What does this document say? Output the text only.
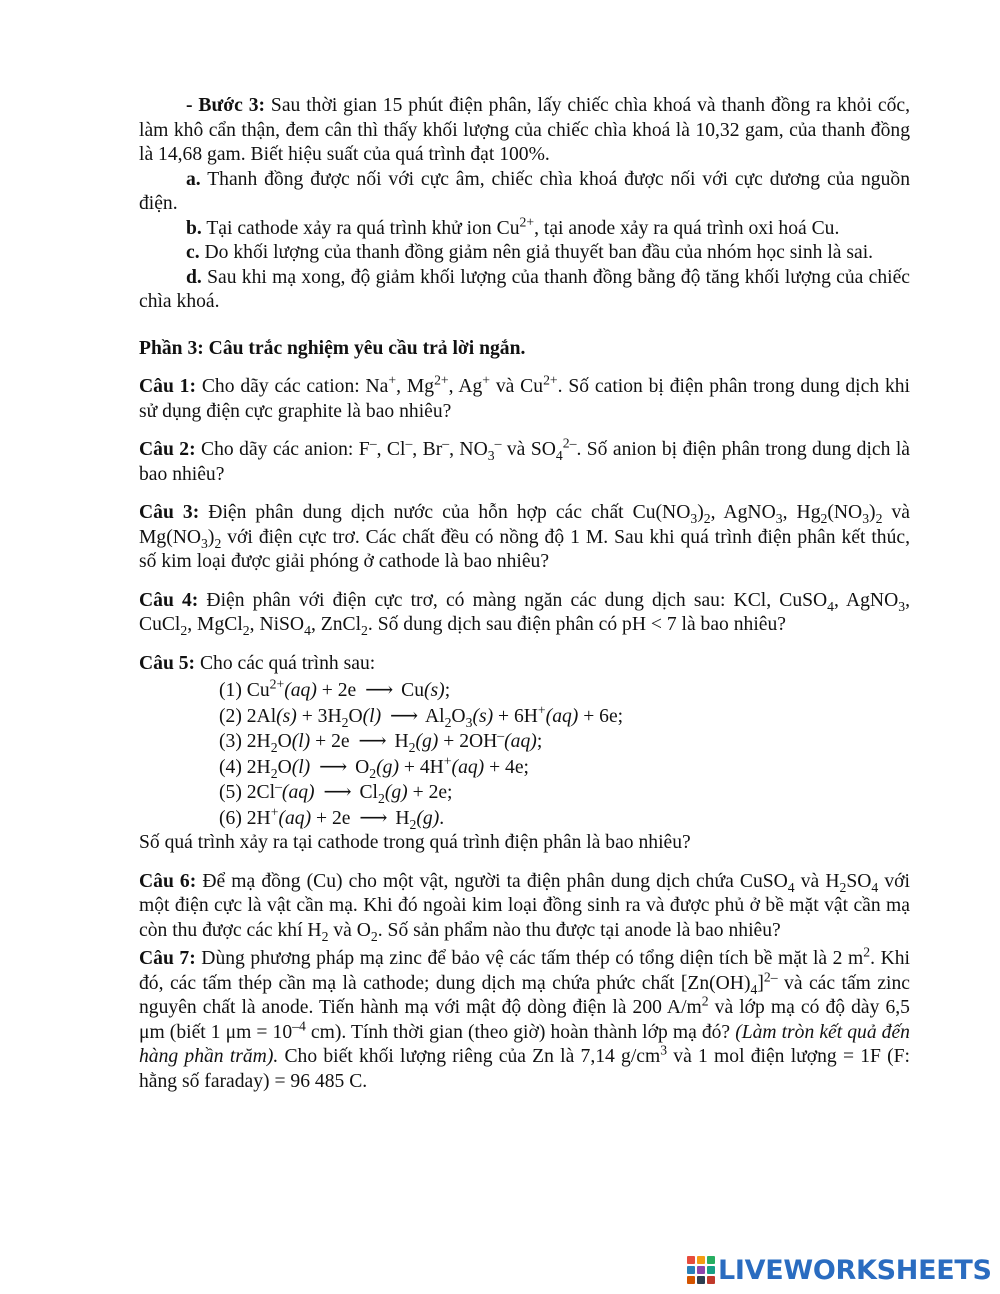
- Bước 3: Sau thời gian 15 phút điện phân, lấy chiếc chìa khoá và thanh đồng ra khỏi cốc, làm khô cẩn thận, đem cân thì thấy khối lượng của chiếc chìa khoá là 10,32 gam, của thanh đồng là 14,68 gam. Biết hiệu suất của quá trình đạt 100%.

a. Thanh đồng được nối với cực âm, chiếc chìa khoá được nối với cực dương của nguồn điện.

b. Tại cathode xảy ra quá trình khử ion $Cu^{2+}$, tại anode xảy ra quá trình oxi hoá Cu.

c. Do khối lượng của thanh đồng giảm nên giả thuyết ban đầu của nhóm học sinh là sai.

d. Sau khi mạ xong, độ giảm khối lượng của thanh đồng bằng độ tăng khối lượng của chiếc chìa khoá.

Phần 3: Câu trắc nghiệm yêu cầu trả lời ngắn.

Câu 1: Cho dãy các cation: Na+, $Mg^{2+}$, Ag+ và $Cu^{2+}$. Số cation bị điện phân trong dung dịch khi sử dụng điện cực graphite là bao nhiêu?

Câu 2: Cho dãy các anion: F–, Cl–, Br–, $NO_3^-$ và $SO_4^{2-}$. Số anion bị điện phân trong dung dịch là bao nhiêu?

Câu 3: Điện phân dung dịch nước của hỗn hợp các chất $Cu(NO_3)_2$, AgNO$_3$, $Hg_2(NO_3)_2$ và $Mg(NO_3)_2$ với điện cực trơ. Các chất đều có nồng độ 1 M. Sau khi quá trình điện phân kết thúc, số kim loại được giải phóng ở cathode là bao nhiêu?

Câu 4: Điện phân với điện cực trơ, có màng ngăn các dung dịch sau: KCl, CuSO$_4$, AgNO$_3$, CuCl$_2$, MgCl$_2$, NiSO$_4$, ZnCl$_2$. Số dung dịch sau điện phân có pH < 7 là bao nhiêu?

Câu 5: Cho các quá trình sau:

(1) $Cu^{2+}(aq) + 2e$ ⟶ Cu(s);

(2) $2Al(s) + 3H_2O(l)$ ⟶ $Al_2O_3(s) + 6H^+(aq) + 6e$;

(3) $2H_2O(l) + 2e$ ⟶ $H_2(g) + 2OH^-(aq)$;

(4) $2H_2O(l)$ ⟶ $O_2(g) + 4H^+(aq) + 4e$;

(5) 2Cl–(aq) ⟶ $Cl_2(g) + 2e$;

(6) 2H+(aq) + 2e ⟶ $H_2(g)$.

Số quá trình xảy ra tại cathode trong quá trình điện phân là bao nhiêu?

Câu 6: Để mạ đồng (Cu) cho một vật, người ta điện phân dung dịch chứa CuSO$_4$ và $H_2SO_4$ với một điện cực là vật cần mạ. Khi đó ngoài kim loại đồng sinh ra và được phủ ở bề mặt vật cần mạ còn thu được các khí $H_2$ và $O_2$. Số sản phẩm nào thu được tại anode là bao nhiêu?

Câu 7: Dùng phương pháp mạ zinc để bảo vệ các tấm thép có tổng diện tích bề mặt là 2 $m^2$. Khi đó, các tấm thép cần mạ là cathode; dung dịch mạ chứa phức chất $[Zn(OH)_4]^{2-}$ và các tấm zinc nguyên chất là anode. Tiến hành mạ với mật độ dòng điện là 200 $A/m^2$ và lớp mạ có độ dày 6,5 μm (biết 1 $\mu m = 10^{-4}$ cm). Tính thời gian (theo giờ) hoàn thành lớp mạ đó? (Làm tròn kết quả đến hàng phần trăm). Cho biết khối lượng riêng của Zn là 7,14 $g/cm^3$ và 1 mol điện lượng = 1F (F: hằng số faraday) = 96 485 C.

LIVEWORKSHEETS
